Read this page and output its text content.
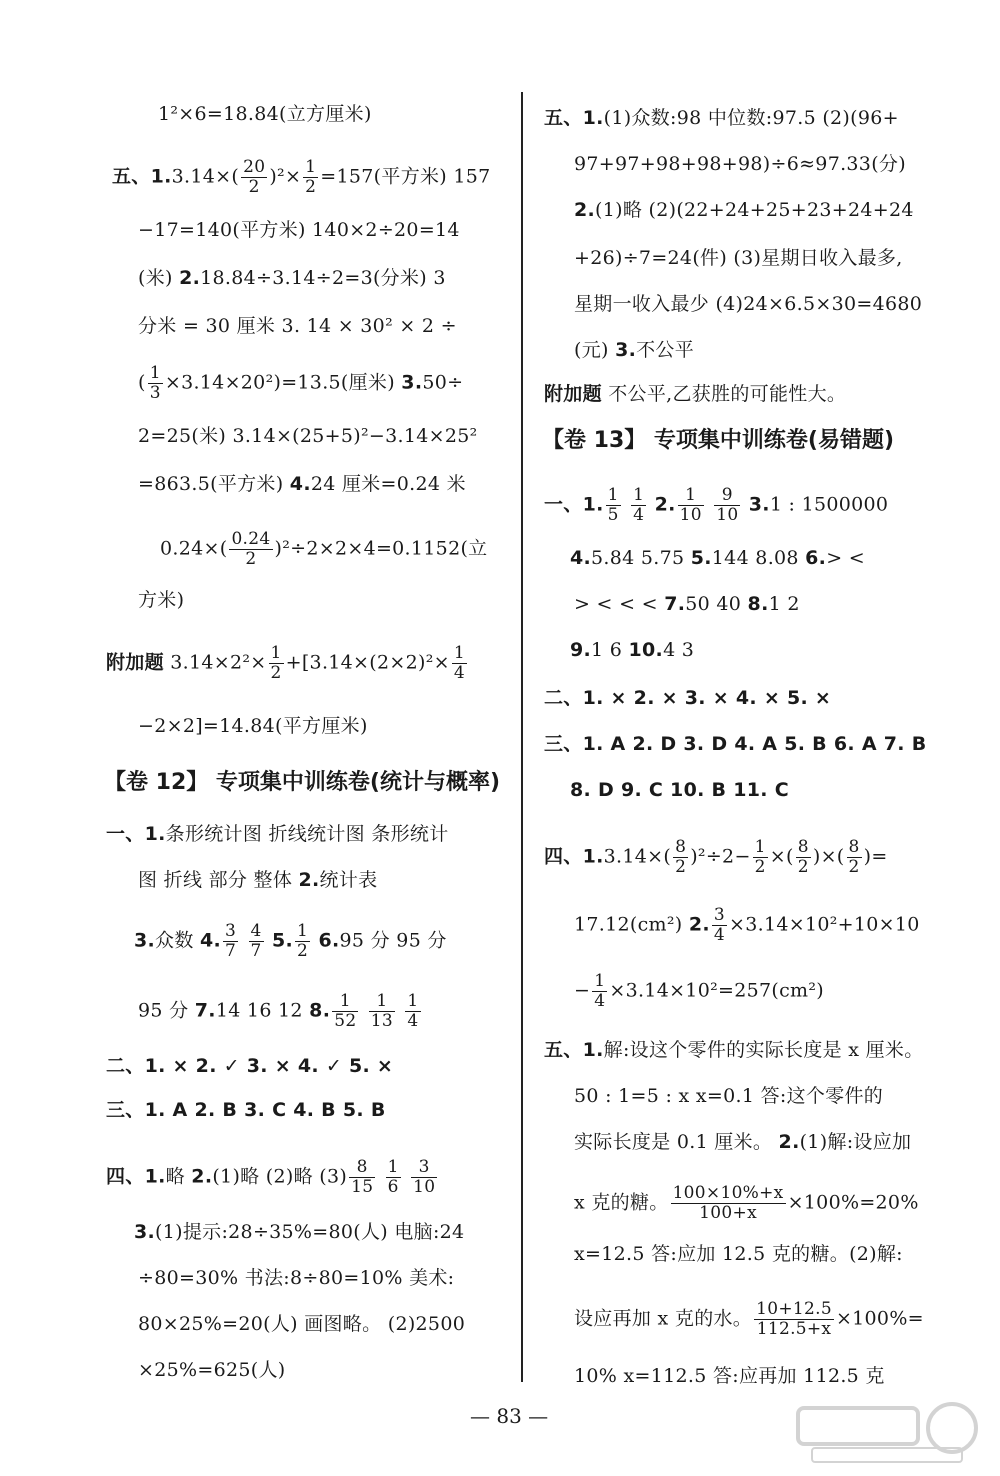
1²×6=18.84(立方厘米)
五、$1.3.14\times( \frac{20}{2} )^2\times \frac{1}{2} =157$(平方米) 157
−17=140(平方米) 140×2÷20=14
(米) 2.18.84÷3.14÷2=3(分米) 3
分米 = 30 厘米 3. 14 × 30² × 2 ÷
( $\frac{1}{3} \times 3.14\times 20^2)=13.5$(厘米) 3.50÷
2=25(米) 3.14×(25+5)²−3.14×25²
=863.5(平方米) 4.24 厘米=0.24 米
$0.24\times( \frac{0.24}{2} )^2\div 2\times 2\times 4=0.1152$(立
方米)
附加题 $3.14\times 2^2\times \frac{1}{2} +[3.14\times(2\times 2)^2\times \frac{1}{4}$
−2×2]=14.84(平方厘米)
【卷 12】 专项集中训练卷(统计与概率)
一、1.条形统计图 折线统计图 条形统计
图 折线 部分 整体 2.统计表
3.众数 4. $\frac{3}{7}$
$\frac{4}{7} 5$. $\frac{1}{2} 6.95$ 分 95 分
95 分 7.14 16 12 8. $\frac{1}{52}$
$\frac{1}{13}$
$\frac{1}{4}$
二、1. × 2. ✓ 3. × 4. ✓ 5. ×
三、1. A 2. B 3. C 4. B 5. B
四、1.略 2.(1)略 (2)略 $(3) \frac{8}{15}$
$\frac{1}{6}$
$\frac{3}{10}$
3.(1)提示:28÷35%=80(人) 电脑:24
÷80=30% 书法:8÷80=10% 美术:
80×25%=20(人) 画图略。 (2)2500
×25%=625(人)
五、1.(1)众数:98 中位数:97.5 (2)(96+
97+97+98+98+98)÷6≈97.33(分)
2.(1)略 (2)(22+24+25+23+24+24
+26)÷7=24(件) (3)星期日收入最多,
星期一收入最少 (4)24×6.5×30=4680
(元) 3.不公平
附加题 不公平,乙获胜的可能性大。
【卷 13】 专项集中训练卷(易错题)
一、1. $\frac{1}{5}$
$\frac{1}{4} 2$. $\frac{1}{10}$
$\frac{9}{10} 3.1$ : 1500000
4.5.84 5.75 5.144 8.08 6.> <
> < < < 7.50 40 8.1 2
9.1 6 10.4 3
二、1. × 2. × 3. × 4. × 5. ×
三、1. A 2. D 3. D 4. A 5. B 6. A 7. B
8. D 9. C 10. B 11. C
四、$1.3.14\times( \frac{8}{2} )^2\div 2- \frac{1}{2}$ ×( $\frac{8}{2}$ )×( $\frac{8}{2}$ )=
17.12(cm²) 2. $\frac{3}{4} \times 3.14\times 10^2+10\times 10$
− $\frac{1}{4} \times 3.14\times 10^2=257(cm^2)$
五、1.解:设这个零件的实际长度是 x 厘米。
50 : 1=5 : x x=0.1 答:这个零件的
实际长度是 0.1 厘米。 2.(1)解:设应加
x 克的糖。 $\frac{100\times 10\%+x}{100+x} \times 100\%=20\%$
x=12.5 答:应加 12.5 克的糖。(2)解:
设应再加 x 克的水。 $\frac{10+12.5}{112.5+x} \times 100\%=$
10% x=112.5 答:应再加 112.5 克
— 83 —
